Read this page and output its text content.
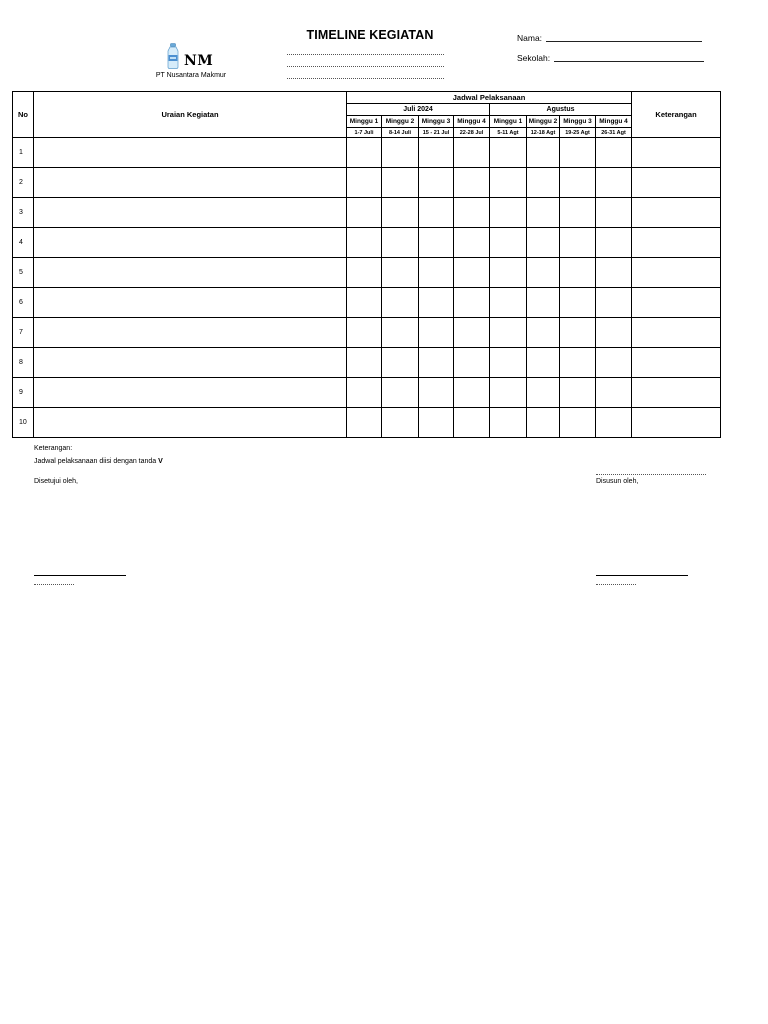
TIMELINE KEGIATAN	Nama:
Sekolah:
NM
PT Nusantara Makmur
No	Uraian Kegiatan	Jadwal Pelaksanaan								Keterangan
		Juli 2024				Agustus				
		Minggu 1	Minggu 2	Minggu 3	Minggu 4	Minggu 1	Minggu 2	Minggu 3	Minggu 4	
		1-7 Juli	8-14 Juli	15 - 21 Jul	22-28 Jul	5-11 Agt	12-18 Agt	19-25 Agt	26-31 Agt	
1										
2										
3										
4										
5										
6										
7										
8										
9										
10										
Keterangan:
Jadwal pelaksanaan diisi dengan tanda V
Disetujui oleh,	Disusun oleh,
